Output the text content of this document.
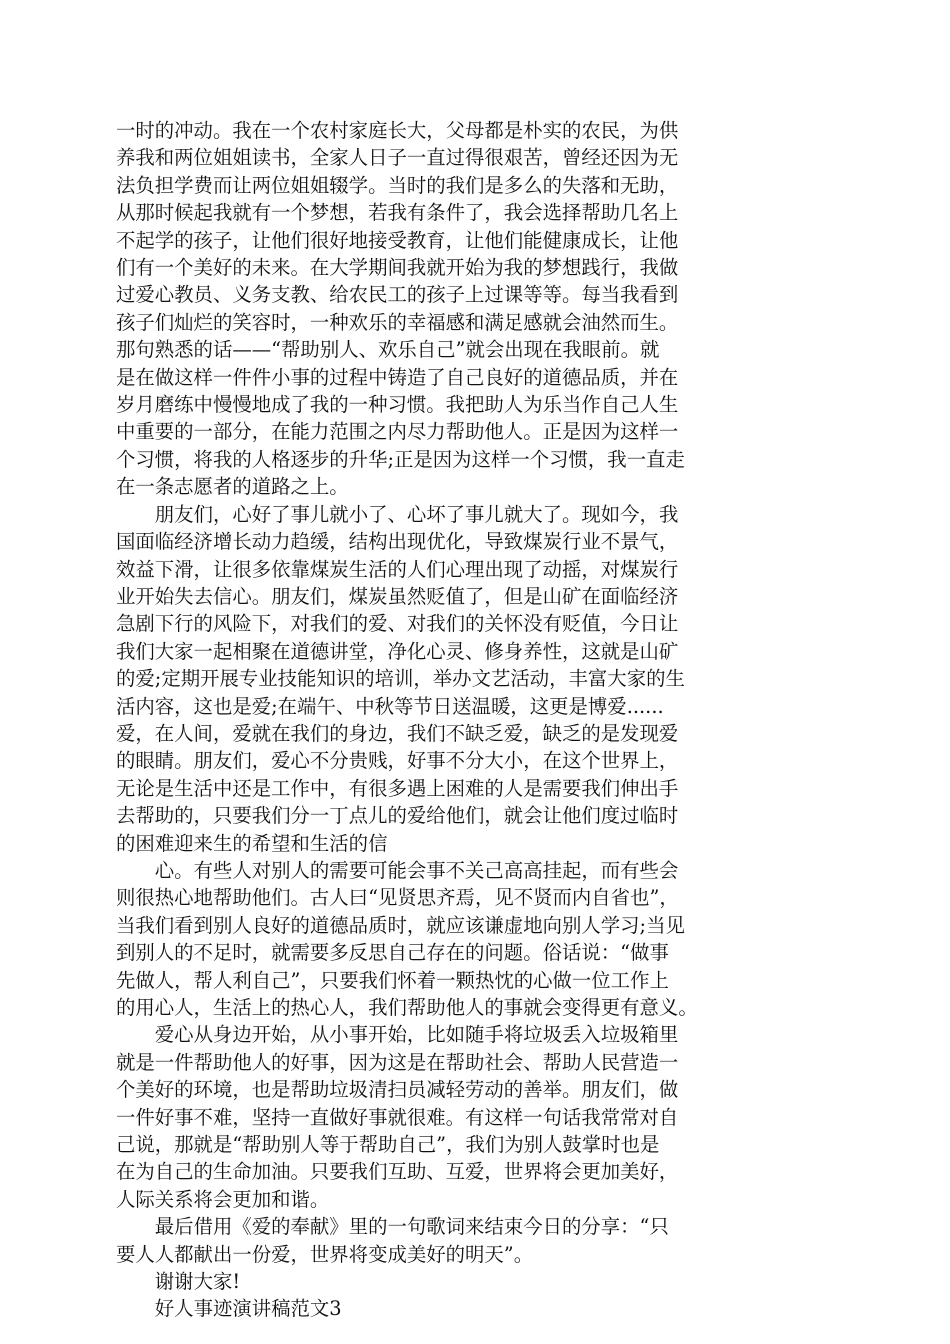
一时的冲动。我在一个农村家庭长大，父母都是朴实的农民，为供
养我和两位姐姐读书，全家人日子一直过得很艰苦，曾经还因为无
法负担学费而让两位姐姐辍学。当时的我们是多么的失落和无助，
从那时候起我就有一个梦想，若我有条件了，我会选择帮助几名上
不起学的孩子，让他们很好地接受教育，让他们能健康成长，让他
们有一个美好的未来。在大学期间我就开始为我的梦想践行，我做
过爱心教员、义务支教、给农民工的孩子上过课等等。每当我看到
孩子们灿烂的笑容时，一种欢乐的幸福感和满足感就会油然而生。
那句熟悉的话——“帮助别人、欢乐自己”就会出现在我眼前。就
是在做这样一件件小事的过程中铸造了自己良好的道德品质，并在
岁月磨练中慢慢地成了我的一种习惯。我把助人为乐当作自己人生
中重要的一部分，在能力范围之内尽力帮助他人。正是因为这样一
个习惯，将我的人格逐步的升华;正是因为这样一个习惯，我一直走
在一条志愿者的道路之上。
朋友们，心好了事儿就小了、心坏了事儿就大了。现如今，我
国面临经济增长动力趋缓，结构出现优化，导致煤炭行业不景气，
效益下滑，让很多依靠煤炭生活的人们心理出现了动摇，对煤炭行
业开始失去信心。朋友们，煤炭虽然贬值了，但是山矿在面临经济
急剧下行的风险下，对我们的爱、对我们的关怀没有贬值，今日让
我们大家一起相聚在道德讲堂，净化心灵、修身养性，这就是山矿
的爱;定期开展专业技能知识的培训，举办文艺活动，丰富大家的生
活内容，这也是爱;在端午、中秋等节日送温暖，这更是博爱......
爱，在人间，爱就在我们的身边，我们不缺乏爱，缺乏的是发现爱
的眼睛。朋友们，爱心不分贵贱，好事不分大小，在这个世界上，
无论是生活中还是工作中，有很多遇上困难的人是需要我们伸出手
去帮助的，只要我们分一丁点儿的爱给他们，就会让他们度过临时
的困难迎来生的希望和生活的信
心。有些人对别人的需要可能会事不关己高高挂起，而有些会
则很热心地帮助他们。古人曰“见贤思齐焉，见不贤而内自省也”，
当我们看到别人良好的道德品质时，就应该谦虚地向别人学习;当见
到别人的不足时，就需要多反思自己存在的问题。俗话说：“做事
先做人，帮人利自己”，只要我们怀着一颗热忱的心做一位工作上
的用心人，生活上的热心人，我们帮助他人的事就会变得更有意义。
爱心从身边开始，从小事开始，比如随手将垃圾丢入垃圾箱里
就是一件帮助他人的好事，因为这是在帮助社会、帮助人民营造一
个美好的环境，也是帮助垃圾清扫员减轻劳动的善举。朋友们，做
一件好事不难，坚持一直做好事就很难。有这样一句话我常常对自
己说，那就是“帮助别人等于帮助自己”，我们为别人鼓掌时也是
在为自己的生命加油。只要我们互助、互爱，世界将会更加美好，
人际关系将会更加和谐。
最后借用《爱的奉献》里的一句歌词来结束今日的分享：“只
要人人都献出一份爱，世界将变成美好的明天”。
谢谢大家!
好人事迹演讲稿范文3
